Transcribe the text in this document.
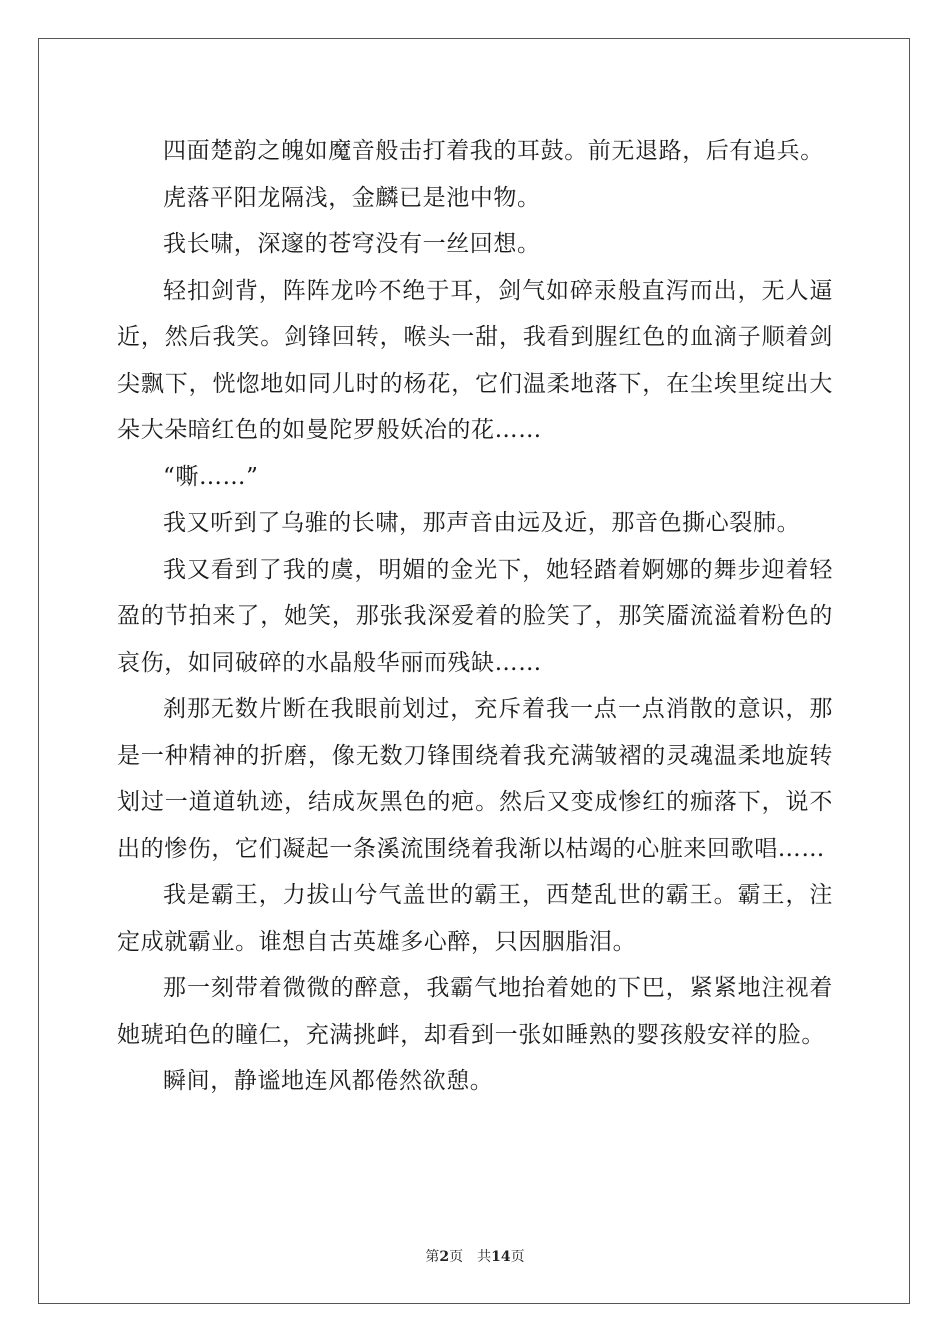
四面楚韵之魄如魔音般击打着我的耳鼓。前无退路，后有追兵。

虎落平阳龙隔浅，金麟已是池中物。

我长啸，深邃的苍穹没有一丝回想。

轻扣剑背，阵阵龙吟不绝于耳，剑气如碎汞般直泻而出，无人逼近，然后我笑。剑锋回转，喉头一甜，我看到腥红色的血滴子顺着剑尖飘下，恍惚地如同儿时的杨花，它们温柔地落下，在尘埃里绽出大朵大朵暗红色的如曼陀罗般妖冶的花……

“嘶……”

我又听到了乌骓的长啸，那声音由远及近，那音色撕心裂肺。

我又看到了我的虞，明媚的金光下，她轻踏着婀娜的舞步迎着轻盈的节拍来了，她笑，那张我深爱着的脸笑了，那笑靥流溢着粉色的哀伤，如同破碎的水晶般华丽而残缺……

刹那无数片断在我眼前划过，充斥着我一点一点消散的意识，那是一种精神的折磨，像无数刀锋围绕着我充满皱褶的灵魂温柔地旋转划过一道道轨迹，结成灰黑色的疤。然后又变成惨红的痂落下，说不出的惨伤，它们凝起一条溪流围绕着我渐以枯竭的心脏来回歌唱……

我是霸王，力拔山兮气盖世的霸王，西楚乱世的霸王。霸王，注定成就霸业。谁想自古英雄多心醉，只因胭脂泪。

那一刻带着微微的醉意，我霸气地抬着她的下巴，紧紧地注视着她琥珀色的瞳仁，充满挑衅，却看到一张如睡熟的婴孩般安祥的脸。

瞬间，静谧地连风都倦然欲憩。

第2页 共14页
